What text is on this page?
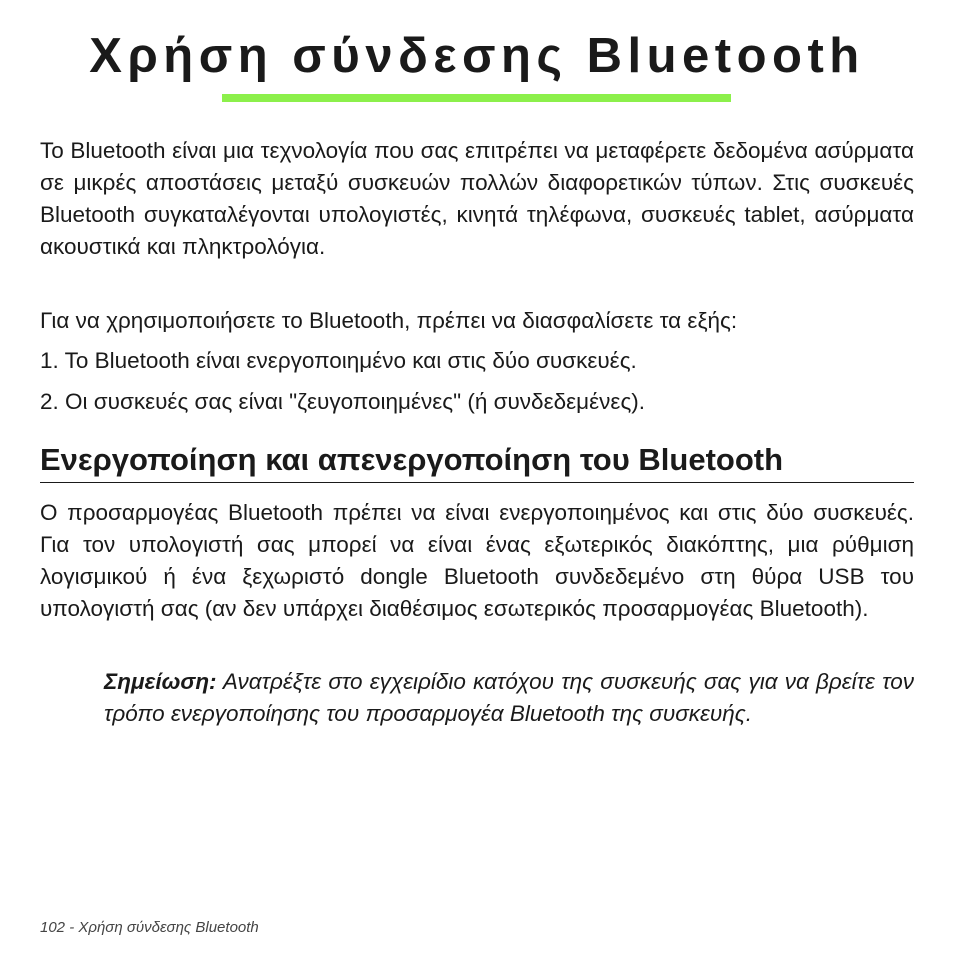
Χρήση σύνδεσης Bluetooth

Το Bluetooth είναι μια τεχνολογία που σας επιτρέπει να μεταφέρετε δεδομένα ασύρματα σε μικρές αποστάσεις μεταξύ συσκευών πολλών διαφορετικών τύπων. Στις συσκευές Bluetooth συγκαταλέγονται υπολογιστές, κινητά τηλέφωνα, συσκευές tablet, ασύρματα ακουστικά και πληκτρολόγια.

Για να χρησιμοποιήσετε το Bluetooth, πρέπει να διασφαλίσετε τα εξής:

1. Το Bluetooth είναι ενεργοποιημένο και στις δύο συσκευές.

2. Οι συσκευές σας είναι "ζευγοποιημένες" (ή συνδεδεμένες).

Ενεργοποίηση και απενεργοποίηση του Bluetooth

Ο προσαρμογέας Bluetooth πρέπει να είναι ενεργοποιημένος και στις δύο συσκευές. Για τον υπολογιστή σας μπορεί να είναι ένας εξωτερικός διακόπτης, μια ρύθμιση λογισμικού ή ένα ξεχωριστό dongle Bluetooth συνδεδεμένο στη θύρα USB του υπολογιστή σας (αν δεν υπάρχει διαθέσιμος εσωτερικός προσαρμογέας Bluetooth).

Σημείωση: Ανατρέξτε στο εγχειρίδιο κατόχου της συσκευής σας για να βρείτε τον τρόπο ενεργοποίησης του προσαρμογέα Bluetooth της συσκευής.

102 - Χρήση σύνδεσης Bluetooth
